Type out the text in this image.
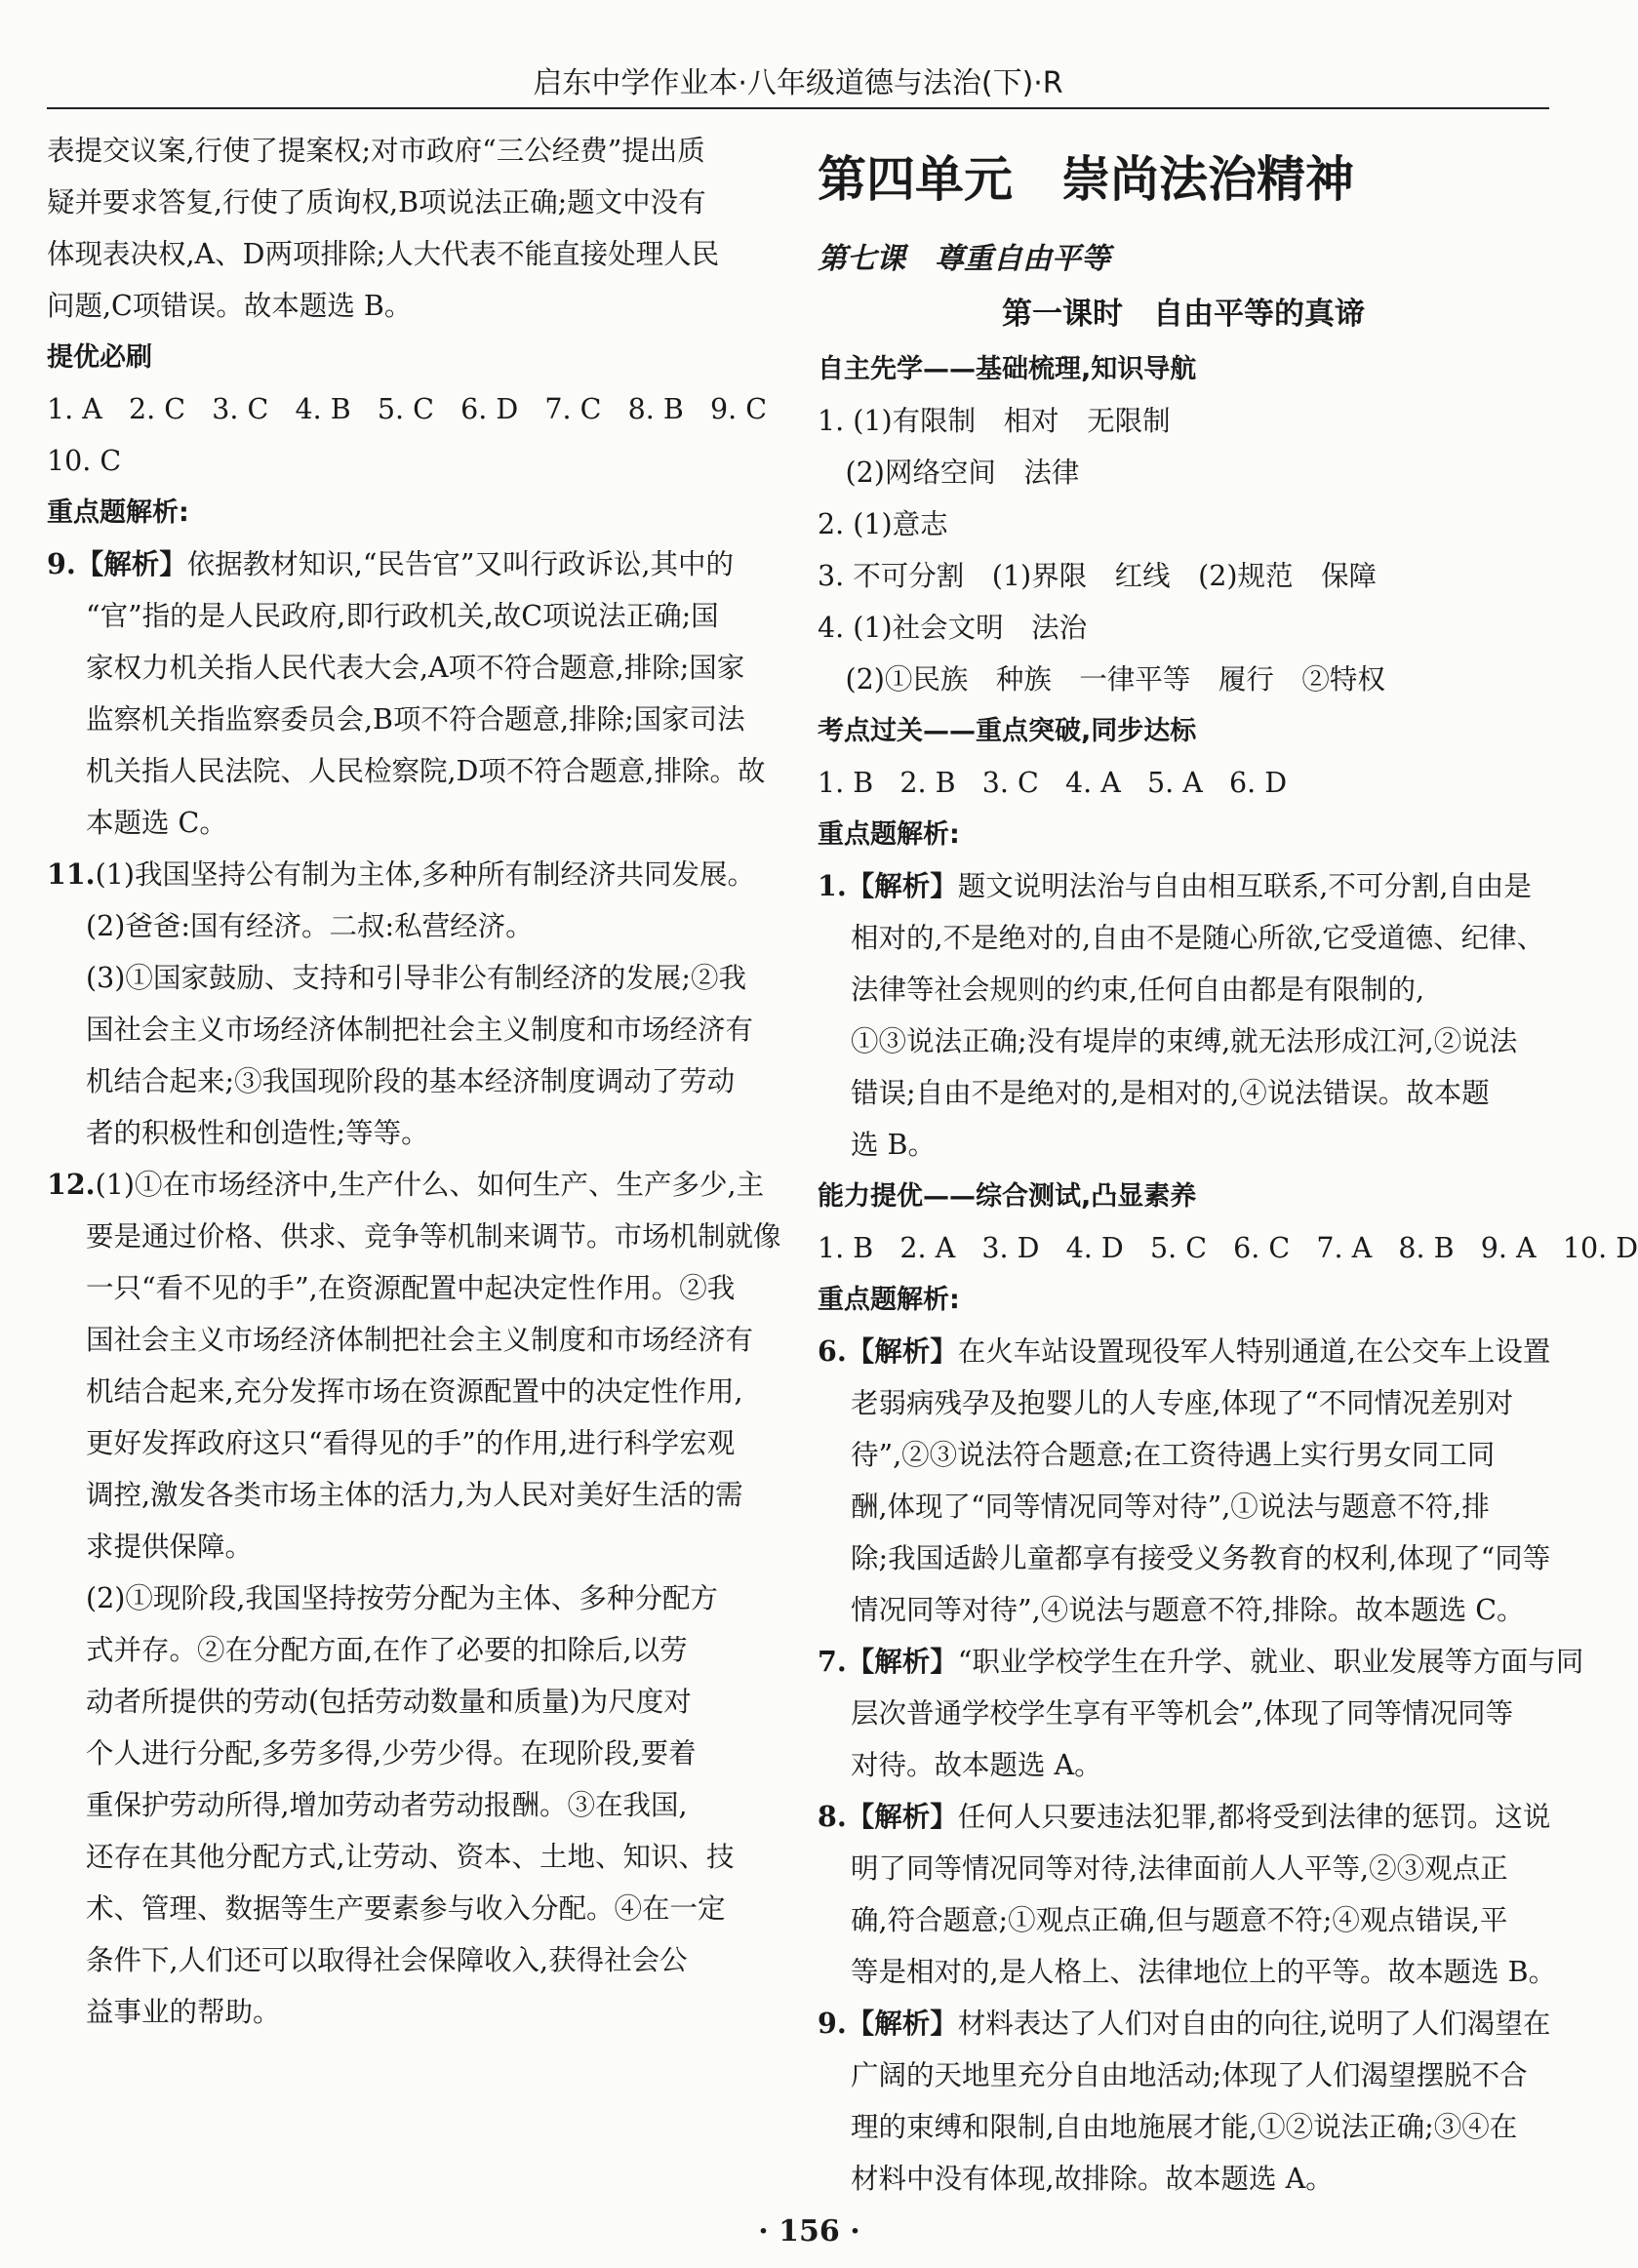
启东中学作业本·八年级道德与法治(下)·R
表提交议案,行使了提案权;对市政府“三公经费”提出质
疑并要求答复,行使了质询权,B项说法正确;题文中没有
体现表决权,A、D两项排除;人大代表不能直接处理人民
问题,C项错误。故本题选 B。
提优必刷
1. A   2. C   3. C   4. B   5. C   6. D   7. C   8. B   9. C
10. C
重点题解析:
9.【解析】依据教材知识,“民告官”又叫行政诉讼,其中的
“官”指的是人民政府,即行政机关,故C项说法正确;国
家权力机关指人民代表大会,A项不符合题意,排除;国家
监察机关指监察委员会,B项不符合题意,排除;国家司法
机关指人民法院、人民检察院,D项不符合题意,排除。故
本题选 C。
11.(1)我国坚持公有制为主体,多种所有制经济共同发展。
(2)爸爸:国有经济。二叔:私营经济。
(3)①国家鼓励、支持和引导非公有制经济的发展;②我
国社会主义市场经济体制把社会主义制度和市场经济有
机结合起来;③我国现阶段的基本经济制度调动了劳动
者的积极性和创造性;等等。
12.(1)①在市场经济中,生产什么、如何生产、生产多少,主
要是通过价格、供求、竞争等机制来调节。市场机制就像
一只“看不见的手”,在资源配置中起决定性作用。②我
国社会主义市场经济体制把社会主义制度和市场经济有
机结合起来,充分发挥市场在资源配置中的决定性作用,
更好发挥政府这只“看得见的手”的作用,进行科学宏观
调控,激发各类市场主体的活力,为人民对美好生活的需
求提供保障。
(2)①现阶段,我国坚持按劳分配为主体、多种分配方
式并存。②在分配方面,在作了必要的扣除后,以劳
动者所提供的劳动(包括劳动数量和质量)为尺度对
个人进行分配,多劳多得,少劳少得。在现阶段,要着
重保护劳动所得,增加劳动者劳动报酬。③在我国,
还存在其他分配方式,让劳动、资本、土地、知识、技
术、管理、数据等生产要素参与收入分配。④在一定
条件下,人们还可以取得社会保障收入,获得社会公
益事业的帮助。
第四单元　崇尚法治精神
第七课　尊重自由平等
第一课时　自由平等的真谛
自主先学——基础梳理,知识导航
1. (1)有限制　相对　无限制
　(2)网络空间　法律
2. (1)意志
3. 不可分割　(1)界限　红线　(2)规范　保障
4. (1)社会文明　法治
　(2)①民族　种族　一律平等　履行　②特权
考点过关——重点突破,同步达标
1. B   2. B   3. C   4. A   5. A   6. D
重点题解析:
1.【解析】题文说明法治与自由相互联系,不可分割,自由是
相对的,不是绝对的,自由不是随心所欲,它受道德、纪律、
法律等社会规则的约束,任何自由都是有限制的,
①③说法正确;没有堤岸的束缚,就无法形成江河,②说法
错误;自由不是绝对的,是相对的,④说法错误。故本题
选 B。
能力提优——综合测试,凸显素养
1. B   2. A   3. D   4. D   5. C   6. C   7. A   8. B   9. A   10. D
重点题解析:
6.【解析】在火车站设置现役军人特别通道,在公交车上设置
老弱病残孕及抱婴儿的人专座,体现了“不同情况差别对
待”,②③说法符合题意;在工资待遇上实行男女同工同
酬,体现了“同等情况同等对待”,①说法与题意不符,排
除;我国适龄儿童都享有接受义务教育的权利,体现了“同等
情况同等对待”,④说法与题意不符,排除。故本题选 C。
7.【解析】“职业学校学生在升学、就业、职业发展等方面与同
层次普通学校学生享有平等机会”,体现了同等情况同等
对待。故本题选 A。
8.【解析】任何人只要违法犯罪,都将受到法律的惩罚。这说
明了同等情况同等对待,法律面前人人平等,②③观点正
确,符合题意;①观点正确,但与题意不符;④观点错误,平
等是相对的,是人格上、法律地位上的平等。故本题选 B。
9.【解析】材料表达了人们对自由的向往,说明了人们渴望在
广阔的天地里充分自由地活动;体现了人们渴望摆脱不合
理的束缚和限制,自由地施展才能,①②说法正确;③④在
材料中没有体现,故排除。故本题选 A。
· 156 ·
